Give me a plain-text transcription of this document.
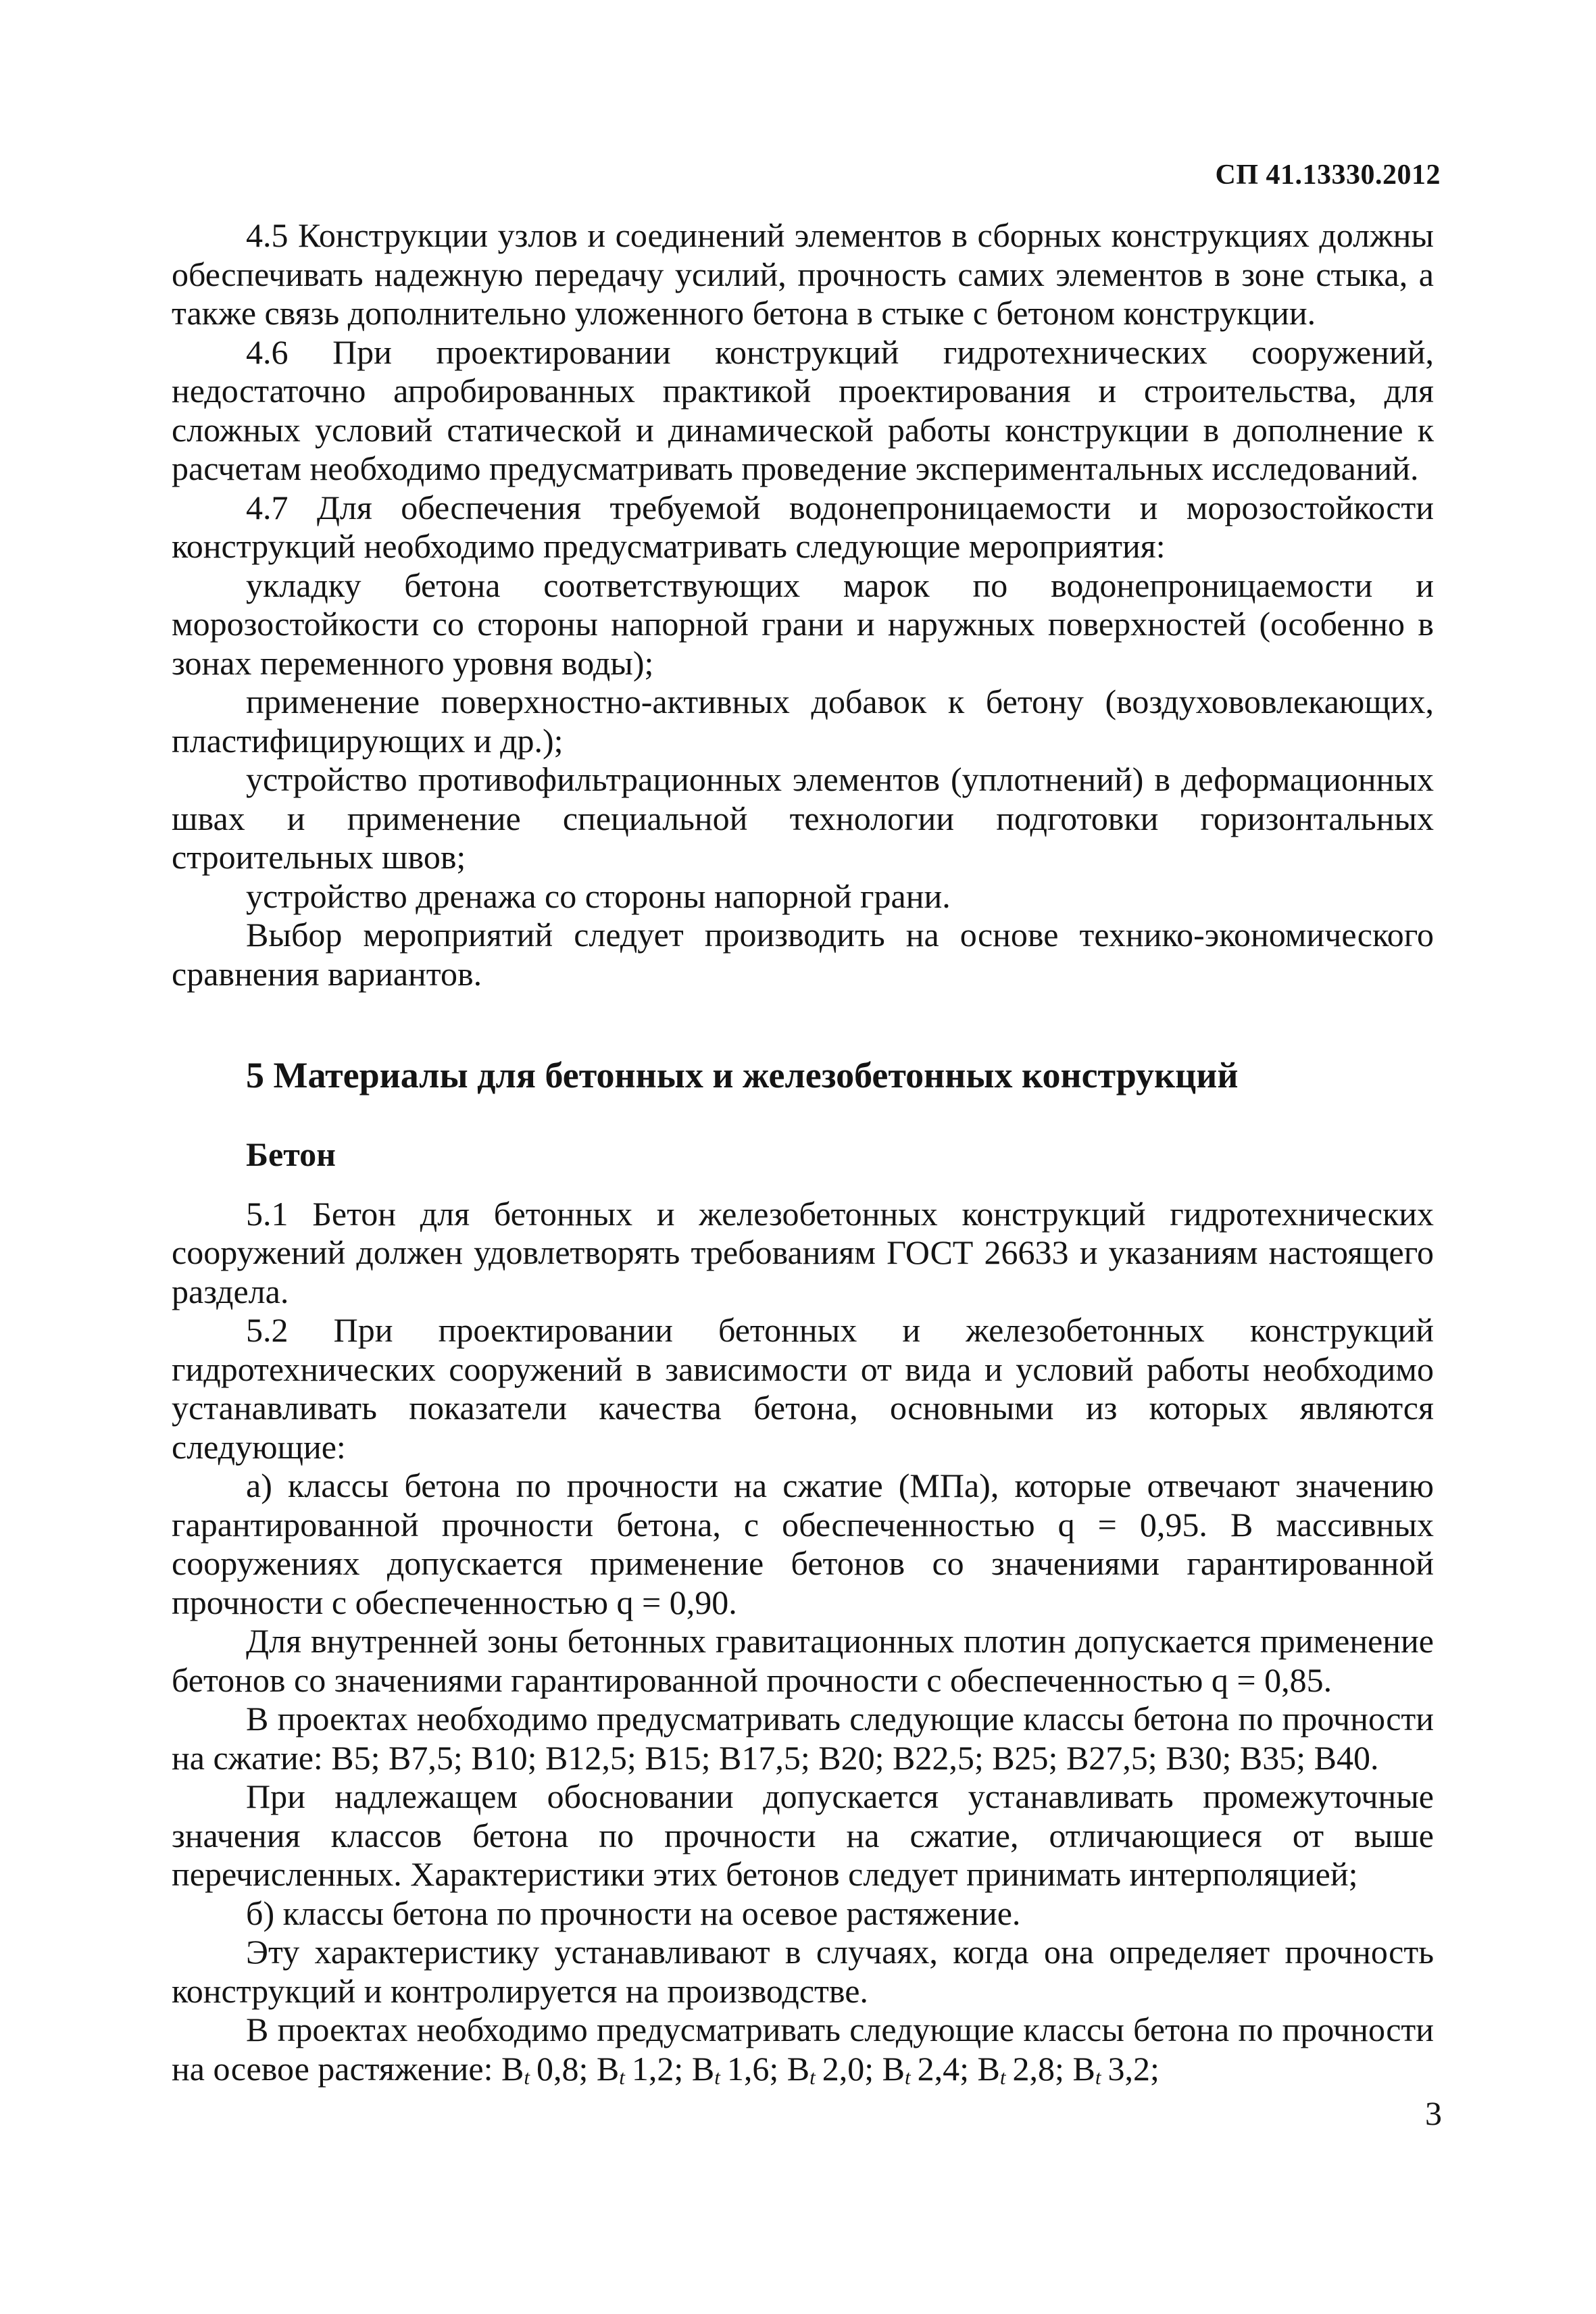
СП 41.13330.2012

4.5 Конструкции узлов и соединений элементов в сборных конструкциях должны обеспечивать надежную передачу усилий, прочность самих элементов в зоне стыка, а также связь дополнительно уложенного бетона в стыке с бетоном конструкции.

4.6 При проектировании конструкций гидротехнических сооружений, недостаточно апробированных практикой проектирования и строительства, для сложных условий статической и динамической работы конструкции в дополнение к расчетам необходимо предусматривать проведение экспериментальных исследований.

4.7 Для обеспечения требуемой водонепроницаемости и морозостойкости конструкций необходимо предусматривать следующие мероприятия:

укладку бетона соответствующих марок по водонепроницаемости и морозостойкости со стороны напорной грани и наружных поверхностей (особенно в зонах переменного уровня воды);

применение поверхностно-активных добавок к бетону (воздухововлекающих, пластифицирующих и др.);

устройство противофильтрационных элементов (уплотнений) в деформационных швах и применение специальной технологии подготовки горизонтальных строительных швов;

устройство дренажа со стороны напорной грани.

Выбор мероприятий следует производить на основе технико-экономического сравнения вариантов.

5 Материалы для бетонных и железобетонных конструкций
Бетон

5.1 Бетон для бетонных и железобетонных конструкций гидротехнических сооружений должен удовлетворять требованиям ГОСТ 26633 и указаниям настоящего раздела.

5.2 При проектировании бетонных и железобетонных конструкций гидротехнических сооружений в зависимости от вида и условий работы необходимо устанавливать показатели качества бетона, основными из которых являются следующие:

а) классы бетона по прочности на сжатие (МПа), которые отвечают значению гарантированной прочности бетона, с обеспеченностью q = 0,95. В массивных сооружениях допускается применение бетонов со значениями гарантированной прочности с обеспеченностью q = 0,90.

Для внутренней зоны бетонных гравитационных плотин допускается применение бетонов со значениями гарантированной прочности с обеспеченностью q = 0,85.

В проектах необходимо предусматривать следующие классы бетона по прочности на сжатие: В5; В7,5; В10; В12,5; В15; В17,5; В20; В22,5; В25; В27,5; В30; В35; В40.

При надлежащем обосновании допускается устанавливать промежуточные значения классов бетона по прочности на сжатие, отличающиеся от выше перечисленных. Характеристики этих бетонов следует принимать интерполяцией;

б) классы бетона по прочности на осевое растяжение.

Эту характеристику устанавливают в случаях, когда она определяет прочность конструкций и контролируется на производстве.

В проектах необходимо предусматривать следующие классы бетона по прочности на осевое растяжение: $В_t$  0,8; $В_t$  1,2; $В_t$  1,6; $В_t$  2,0; $В_t$  2,4; $В_t$  2,8; $В_t$  3,2;

3
